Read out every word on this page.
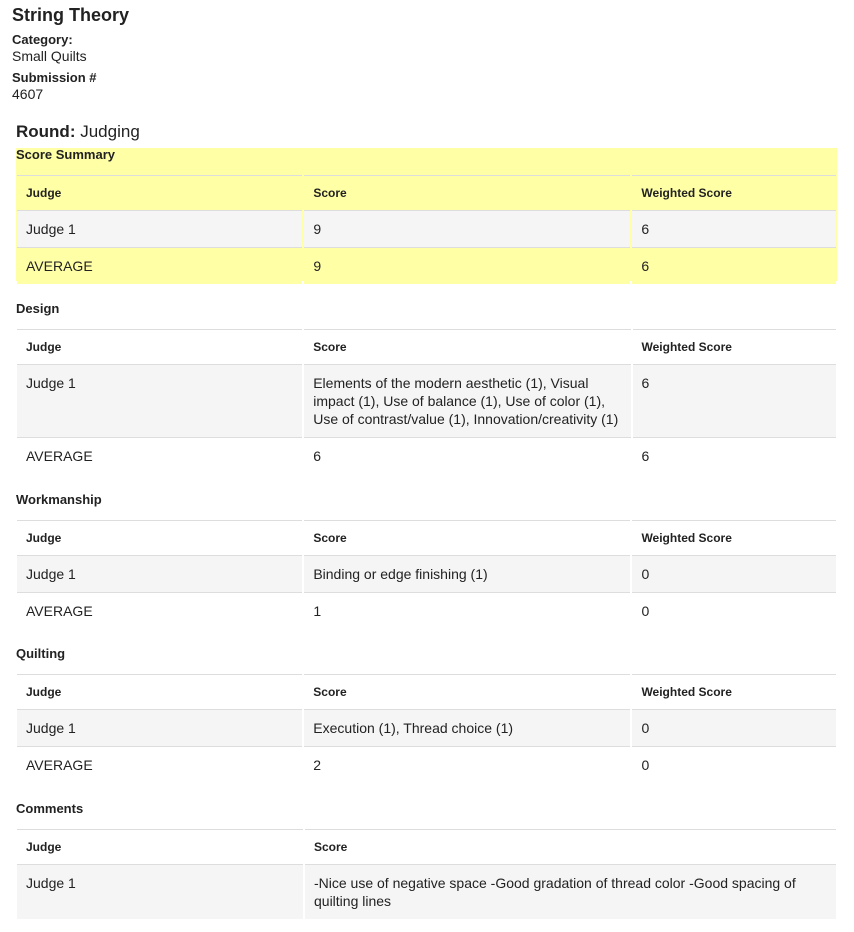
String Theory
Category:
Small Quilts
Submission #
4607
Round: Judging
Score Summary
Judge	Score	Weighted Score
Judge 1	9	6
AVERAGE	9	6
Design
Judge	Score	Weighted Score
Judge 1	Elements of the modern aesthetic (1), Visual impact (1), Use of balance (1), Use of color (1), Use of contrast/value (1), Innovation/creativity (1)	6
AVERAGE	6	6
Workmanship
Judge	Score	Weighted Score
Judge 1	Binding or edge finishing (1)	0
AVERAGE	1	0
Quilting
Judge	Score	Weighted Score
Judge 1	Execution (1), Thread choice (1)	0
AVERAGE	2	0
Comments
Judge	Score
Judge 1	-Nice use of negative space -Good gradation of thread color -Good spacing of quilting lines
